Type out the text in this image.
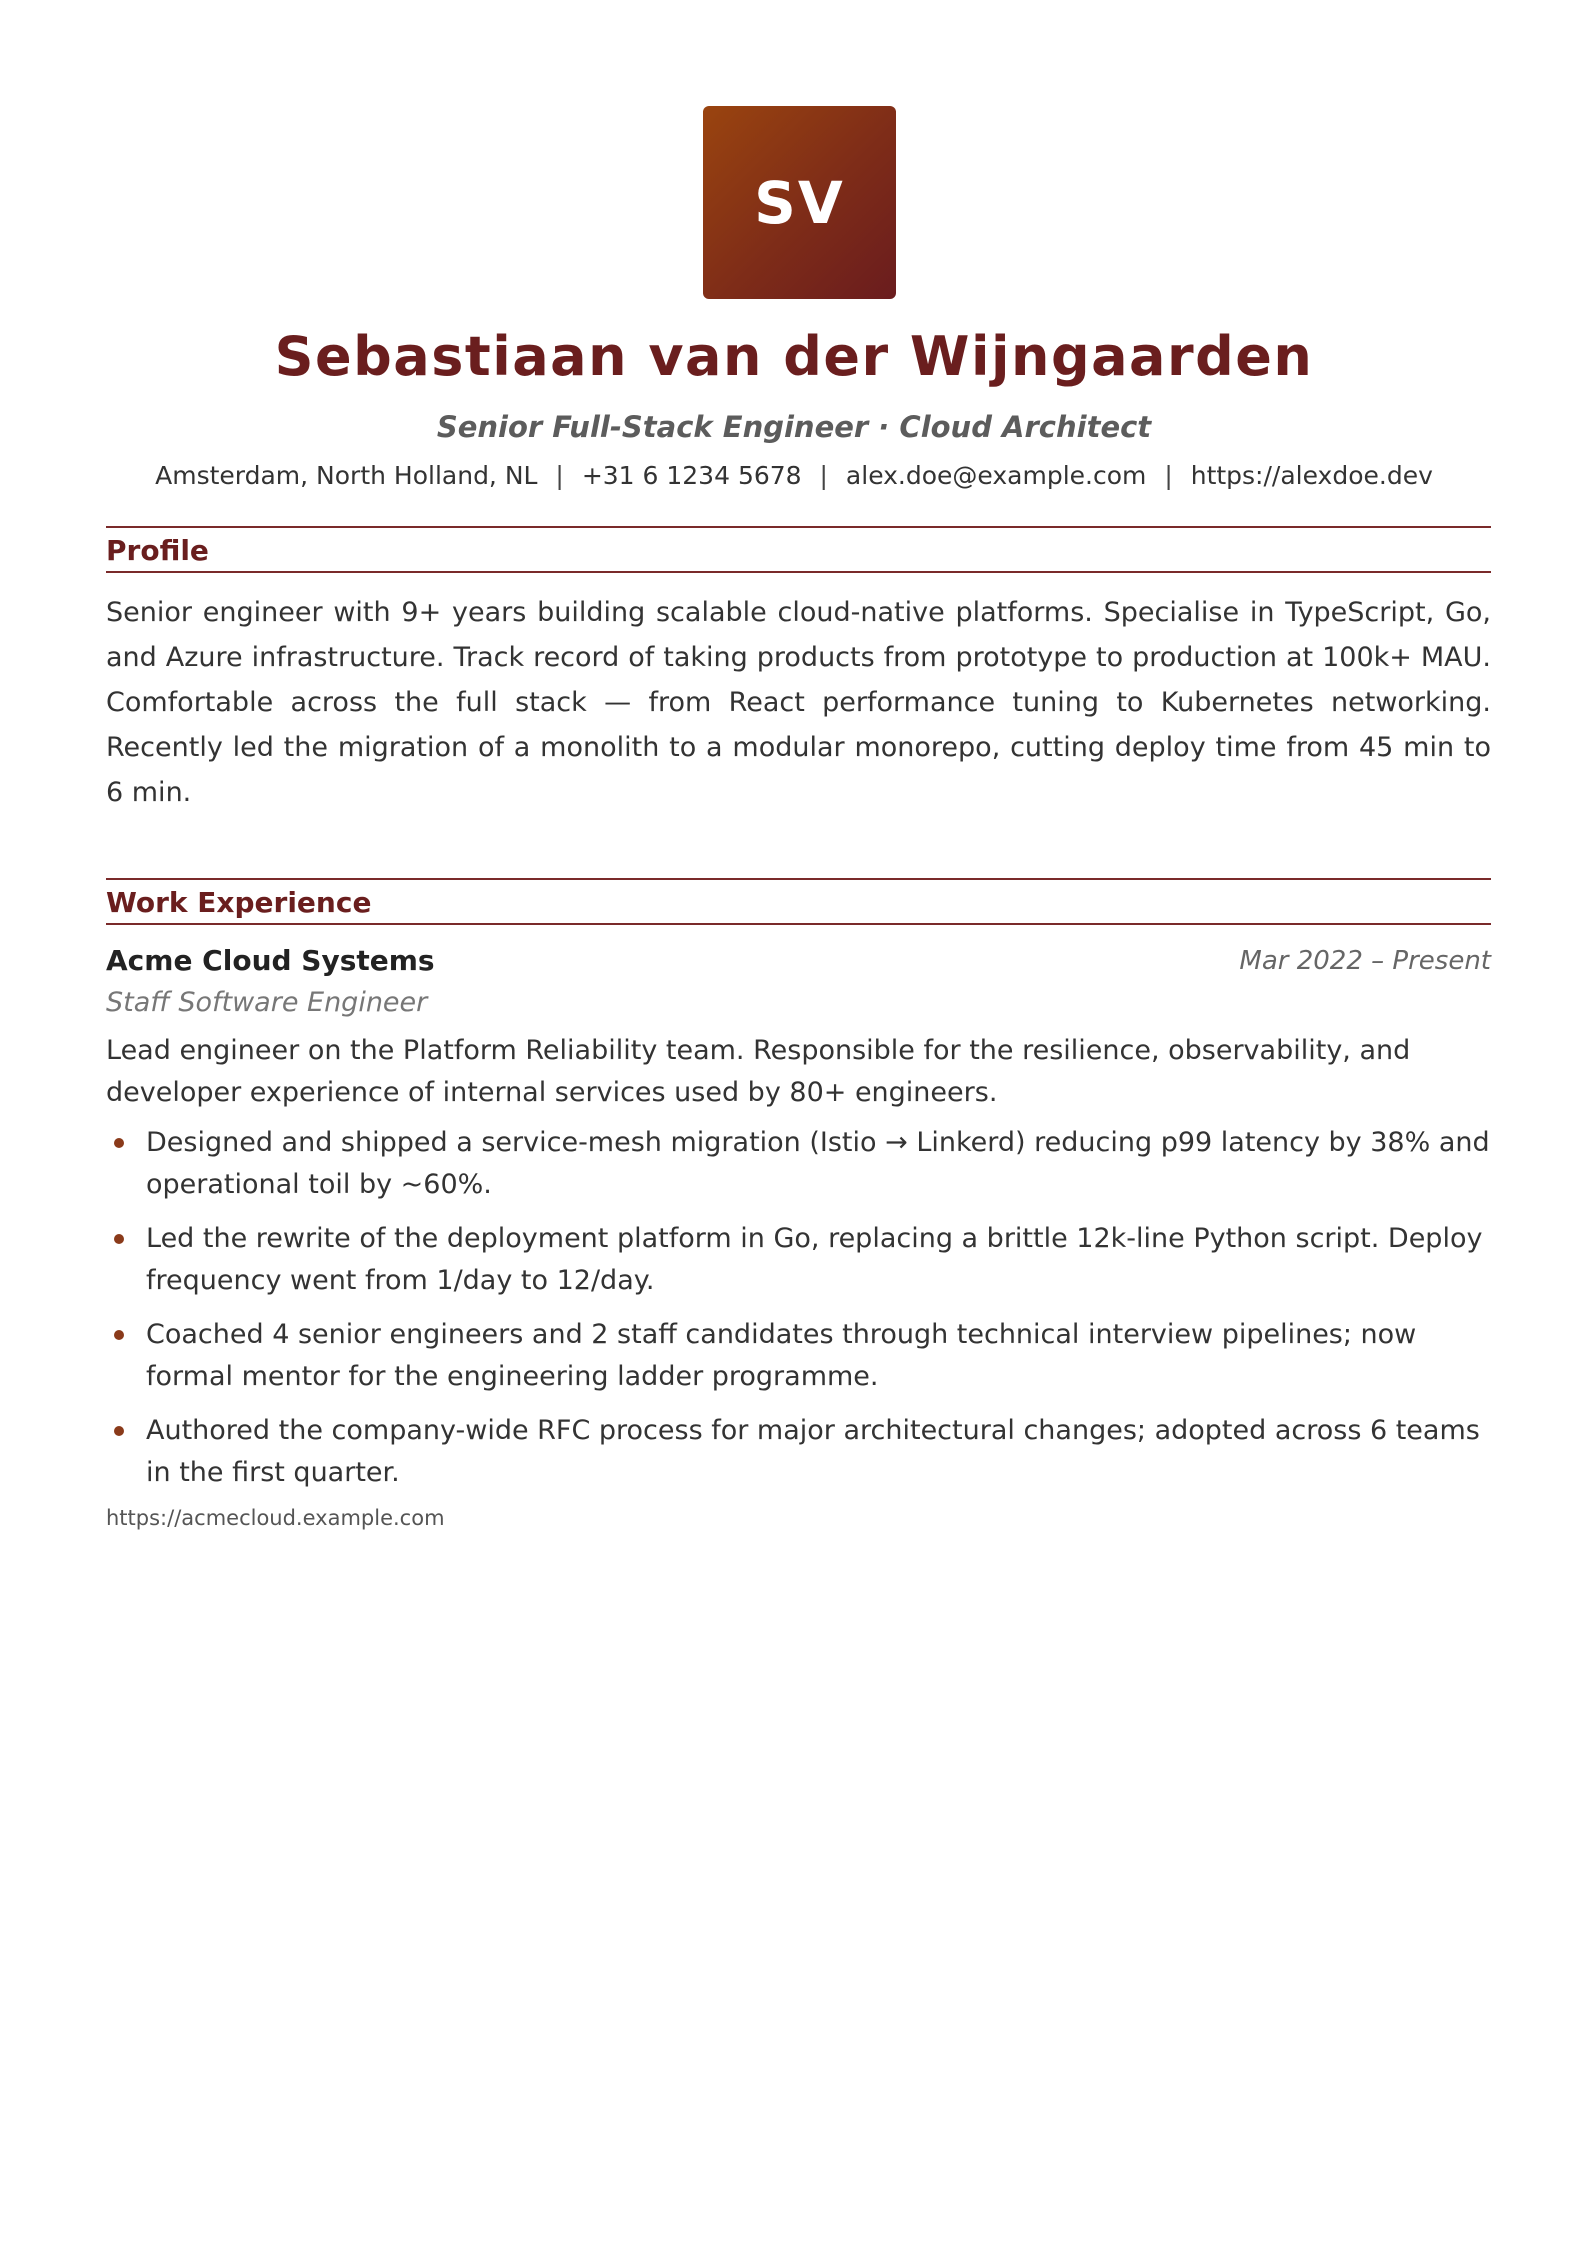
SV
Sebastiaan van der Wijngaarden
Senior Full-Stack Engineer · Cloud Architect
Amsterdam, North Holland, NL | +31 6 1234 5678 | alex.doe@example.com | https://alexdoe.dev
Profile
Senior engineer with 9+ years building scalable cloud-native platforms. Specialise in TypeScript, Go, and Azure infrastructure. Track record of taking products from prototype to production at 100k+ MAU. Comfortable across the full stack — from React performance tuning to Kubernetes networking. Recently led the migration of a monolith to a modular monorepo, cutting deploy time from 45 min to 6 min.
Work Experience
Acme Cloud Systems	Mar 2022 – Present
Staff Software Engineer
Lead engineer on the Platform Reliability team. Responsible for the resilience, observability, and developer experience of internal services used by 80+ engineers.
Designed and shipped a service-mesh migration (Istio → Linkerd) reducing p99 latency by 38% and operational toil by ~60%.
Led the rewrite of the deployment platform in Go, replacing a brittle 12k-line Python script. Deploy frequency went from 1/day to 12/day.
Coached 4 senior engineers and 2 staff candidates through technical interview pipelines; now formal mentor for the engineering ladder programme.
Authored the company-wide RFC process for major architectural changes; adopted across 6 teams in the first quarter.
https://acmecloud.example.com
